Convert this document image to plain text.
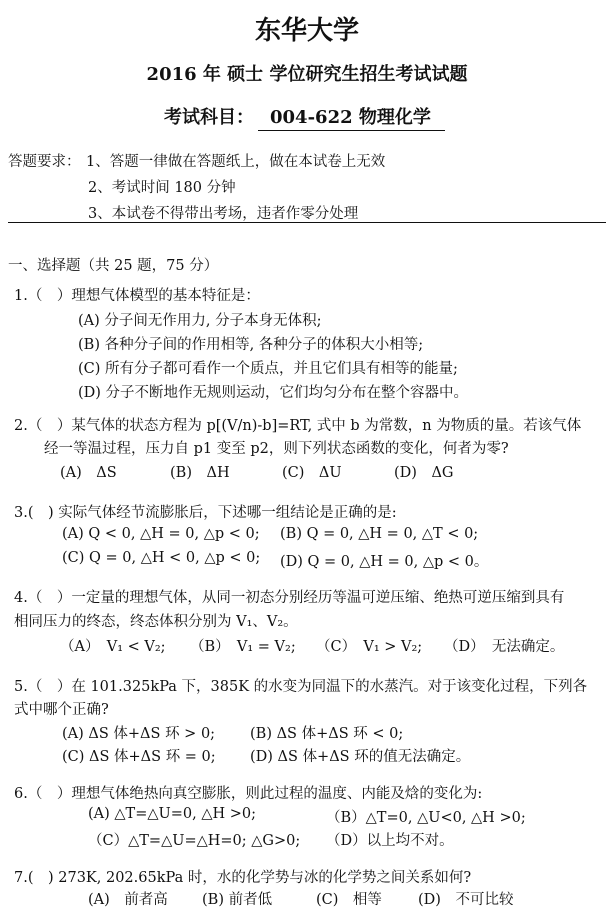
东华大学
2016 年 硕士 学位研究生招生考试试题
考试科目： 004-622 物理化学
答题要求： 1、答题一律做在答题纸上，做在本试卷上无效
2、考试时间 180 分钟
3、本试卷不得带出考场，违者作零分处理
一、选择题（共 25 题，75 分）
1.（　）理想气体模型的基本特征是：
(A) 分子间无作用力, 分子本身无体积;
(B) 各种分子间的作用相等, 各种分子的体积大小相等;
(C) 所有分子都可看作一个质点，并且它们具有相等的能量;
(D) 分子不断地作无规则运动，它们均匀分布在整个容器中。
2.（　）某气体的状态方程为 p[(V/n)-b]=RT, 式中 b 为常数，n 为物质的量。若该气体
经一等温过程，压力自 p1 变至 p2，则下列状态函数的变化，何者为零?
(A)　ΔS	(B)　ΔH	(C)　ΔU	(D)　ΔG
3.(　) 实际气体经节流膨胀后，下述哪一组结论是正确的是:
(A) Q < 0, △H = 0, △p < 0; (B) Q = 0, △H = 0, △T < 0;
(C) Q = 0, △H < 0, △p < 0; (D) Q = 0, △H = 0, △p < 0。
4.（　）一定量的理想气体，从同一初态分别经历等温可逆压缩、绝热可逆压缩到具有
相同压力的终态，终态体积分别为 V₁、V₂。
（A）　V₁ < V₂; （B）　V₁ = V₂; （C）　V₁ > V₂; （D）　无法确定。
5.（　）在 101.325kPa 下，385K 的水变为同温下的水蒸汽。对于该变化过程，下列各
式中哪个正确?
(A) ΔS 体+ΔS 环 > 0; (B) ΔS 体+ΔS 环 < 0;
(C) ΔS 体+ΔS 环 = 0; (D) ΔS 体+ΔS 环的值无法确定。
6.（　）理想气体绝热向真空膨胀，则此过程的温度、内能及焓的变化为:
(A) △T=△U=0, △H >0;	（B）△T=0, △U<0, △H >0;
（C）△T=△U=△H=0; △G>0; （D）以上均不对。
7.(　) 273K, 202.65kPa 时，水的化学势与冰的化学势之间关系如何?
(A)　前者高 (B) 前者低	(C)　相等 (D)　不可比较
